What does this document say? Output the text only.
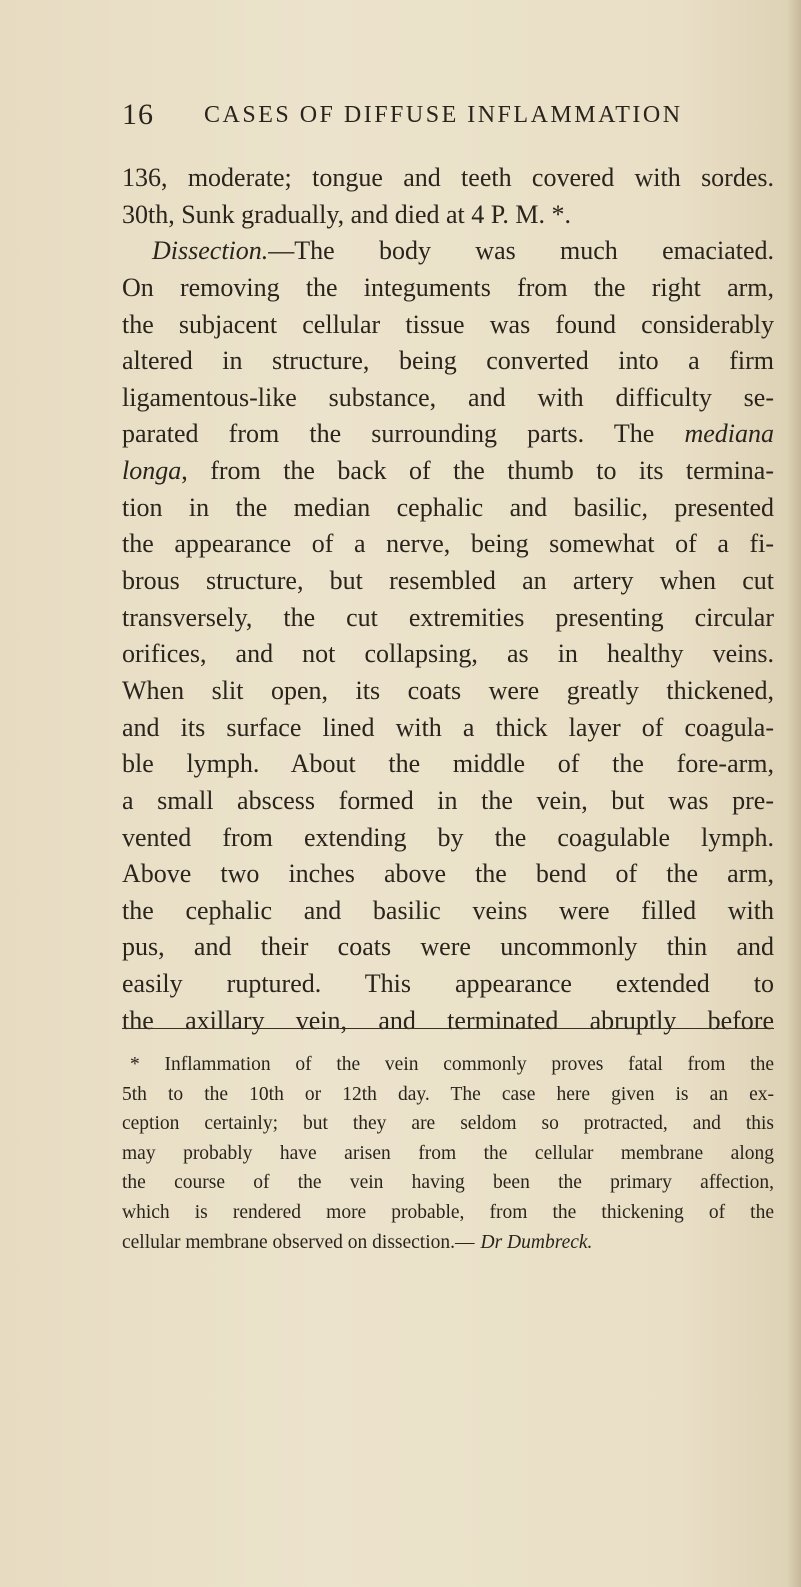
16 CASES OF DIFFUSE INFLAMMATION
136, moderate; tongue and teeth covered with sordes.
30th, Sunk gradually, and died at 4 P. M. *.
Dissection.—The body was much emaciated.
On removing the integuments from the right arm,
the subjacent cellular tissue was found considerably
altered in structure, being converted into a firm
ligamentous-like substance, and with difficulty se-
parated from the surrounding parts. The mediana
longa, from the back of the thumb to its termina-
tion in the median cephalic and basilic, presented
the appearance of a nerve, being somewhat of a fi-
brous structure, but resembled an artery when cut
transversely, the cut extremities presenting circular
orifices, and not collapsing, as in healthy veins.
When slit open, its coats were greatly thickened,
and its surface lined with a thick layer of coagula-
ble lymph. About the middle of the fore-arm,
a small abscess formed in the vein, but was pre-
vented from extending by the coagulable lymph.
Above two inches above the bend of the arm,
the cephalic and basilic veins were filled with
pus, and their coats were uncommonly thin and
easily ruptured. This appearance extended to
the axillary vein, and terminated abruptly before
* Inflammation of the vein commonly proves fatal from the
5th to the 10th or 12th day. The case here given is an ex-
ception certainly; but they are seldom so protracted, and this
may probably have arisen from the cellular membrane along
the course of the vein having been the primary affection,
which is rendered more probable, from the thickening of the
cellular membrane observed on dissection.— Dr Dumbreck.
